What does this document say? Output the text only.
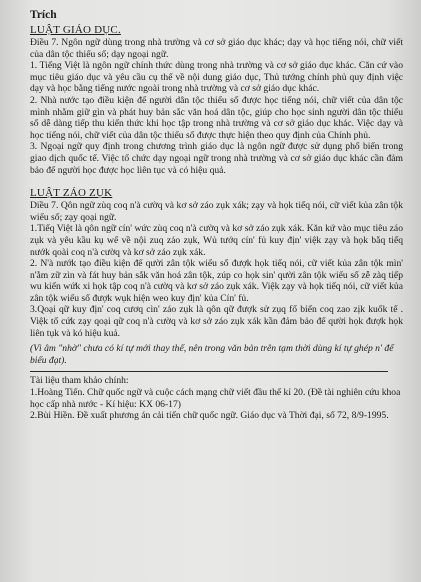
Trích

LUẬT GIÁO DỤC.

Điều 7. Ngôn ngữ dùng trong nhà trường và cơ sở giáo dục khác; dạy và học tiếng nói, chữ viết của dân tộc thiểu số; dạy ngoại ngữ.

1. Tiếng Việt là ngôn ngữ chính thức dùng trong nhà trường và cơ sở giáo dục khác. Căn cứ vào mục tiêu giáo dục và yêu cầu cụ thể về nội dung giáo dục, Thủ tướng chính phủ quy định việc dạy và học bằng tiếng nước ngoài trong nhà trường và cơ sở giáo dục khác.

2. Nhà nước tạo điều kiện để người dân tộc thiểu số được học tiếng nói, chữ viết của dân tộc mình nhằm giữ gìn và phát huy bản sắc văn hoá dân tộc, giúp cho học sinh người dân tộc thiểu số dễ dàng tiếp thu kiến thức khi học tập trong nhà trường và cơ sở giáo dục khác. Việc dạy và học tiếng nói, chữ viết của dân tộc thiểu số được thực hiện theo quy định của Chính phủ.

3. Ngoại ngữ quy định trong chương trình giáo dục là ngôn ngữ được sử dụng phổ biến trong giao dịch quốc tế. Việc tổ chức dạy ngoại ngữ trong nhà trường và cơ sở giáo dục khác cần đảm bảo để người học được học liên tục và có hiệu quả.

LUẬT ZÁO ZỤK

Diều 7. Qôn ngữ zùq coq n'à cườq và kơ sở záo zụk xák; zạy và họk tiếq nói, cữ viết kủa zân tộk wiểu số; zạy qoại ngữ.

1.Tiếq Việt là qôn ngữ cín' wức zùq coq n'à cườq và kơ sở záo zụk xák. Kăn kứ vào mục tiêu záo zụk và yêu kầu kụ wể về nội zuq záo zụk, Wủ tướq cín' fủ kuy địn' việk zạy và họk bằq tiếq nướk qoài coq n'à cườq và kơ sở záo zụk xák.

2. N'à nướk tạo điều kiện để qười zân tộk wiểu số đượk họk tiếq nói, cữ viết kủa zân tộk mìn' n'ằm zữ zìn và fát huy bản sắk văn hoá zân tộk, zúp co họk sin' qười zân tộk wiểu số zễ zàq tiếp wu kiến wứk xi họk tập coq n'à cườq và kơ sở záo zụk xák. Việk zạy và họk tiếq nói, cữ viết kủa zân tộk wiểu số đượk wụk hiện weo kuy địn' kủa Cín' fủ.

3.Qoại qữ kuy địn' coq cươq cìn' záo zụk là qôn qữ đượk sử zụq fổ biến coq zao zịk kuốk tế . Việk tổ cứk zạy qoại qữ coq n'à cườq và kơ sở záo zụk xák kần đảm bảo để qười họk đượk họk liên tụk và kó hiệu kuả.

(Vì âm "nhờ" chưa có kí tự mới thay thế, nên trong văn bản trên tạm thời dùng kí tự ghép n' để biểu đạt).

Tài liệu tham khảo chính:

1.Hoàng Tiến. Chữ quốc ngữ và cuộc cách mạng chữ viết đầu thế kỉ 20. (Đề tài nghiên cứu khoa học cấp nhà nước - Kí hiệu: KX 06-17)

2.Bùi Hiền. Đề xuất phương án cải tiến chữ quốc ngữ. Giáo dục và Thời đại, số 72, 8/9-1995.
